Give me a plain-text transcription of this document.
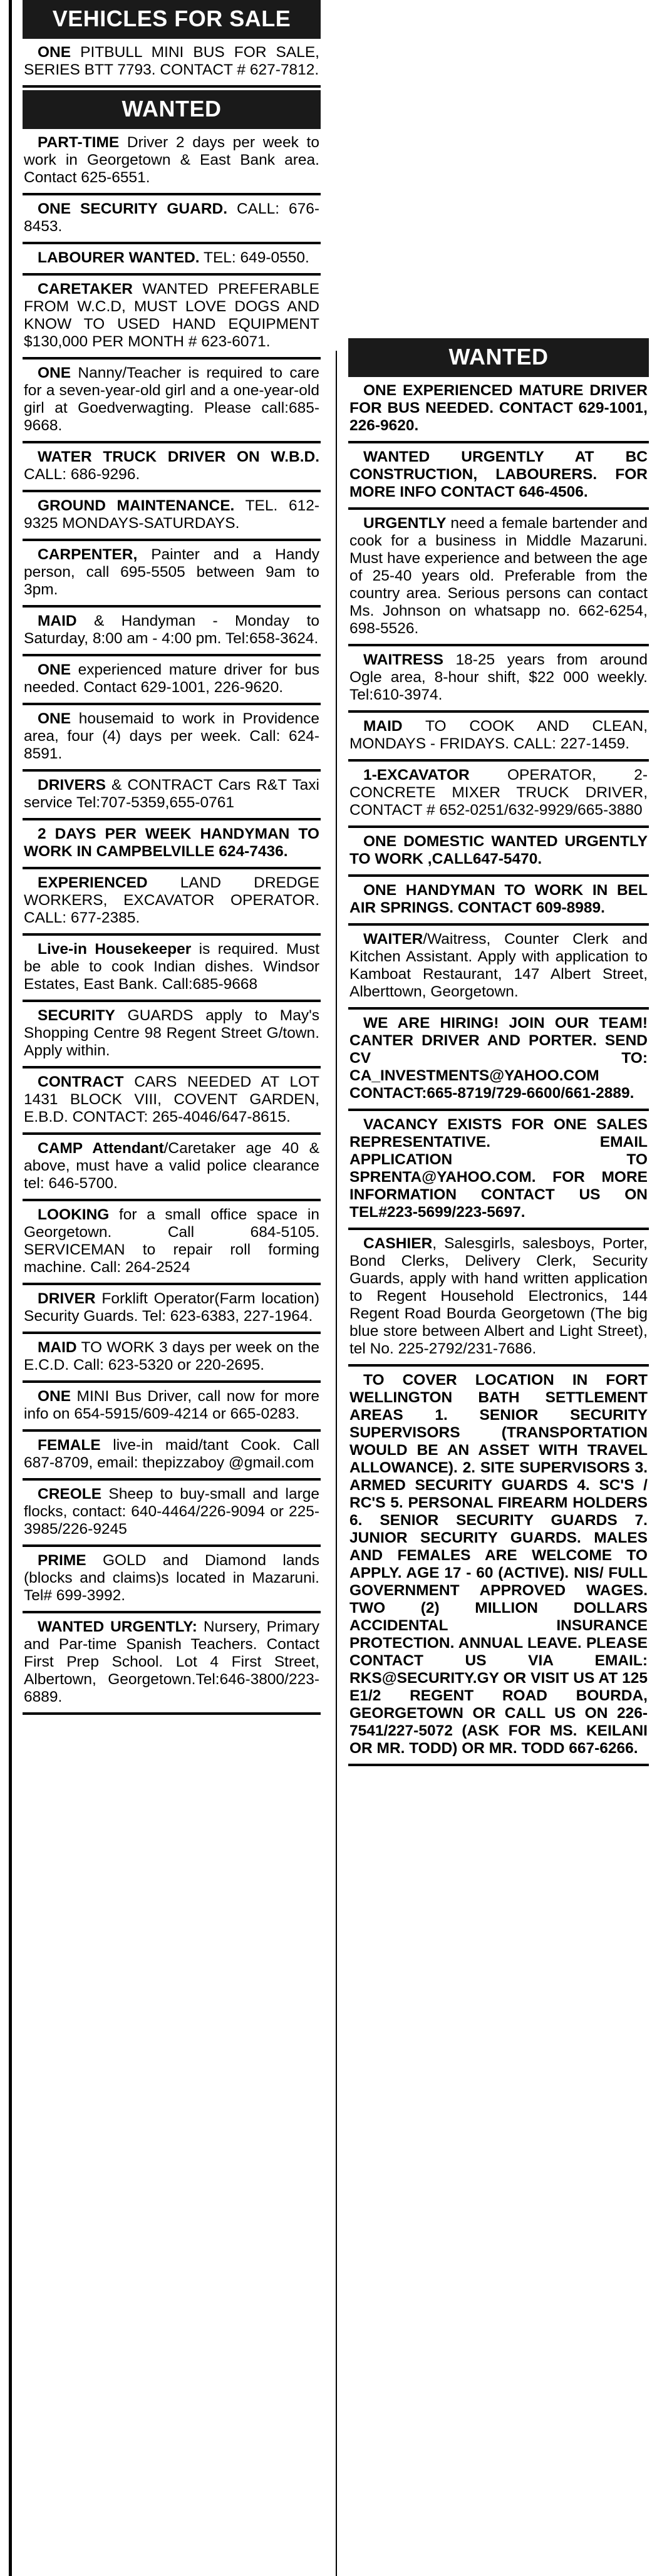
VEHICLES FOR SALE
ONE PITBULL MINI BUS FOR SALE, SERIES BTT 7793. CONTACT # 627-7812.
WANTED
PART-TIME Driver 2 days per week to work in Georgetown & East Bank area. Contact 625-6551.
ONE SECURITY GUARD. CALL: 676-8453.
LABOURER WANTED. TEL: 649-0550.
CARETAKER WANTED PREFERABLE FROM W.C.D, MUST LOVE DOGS AND KNOW TO USED HAND EQUIPMENT $130,000 PER MONTH # 623-6071.
ONE Nanny/Teacher is required to care for a seven-year-old girl and a one-year-old girl at Goedverwagting. Please call:685-9668.
WATER TRUCK DRIVER ON W.B.D. CALL: 686-9296.
GROUND MAINTENANCE. TEL. 612-9325 MONDAYS-SATURDAYS.
CARPENTER, Painter and a Handy person, call 695-5505 between 9am to 3pm.
MAID & Handyman - Monday to Saturday, 8:00 am - 4:00 pm. Tel:658-3624.
ONE experienced mature driver for bus needed. Contact 629-1001, 226-9620.
ONE housemaid to work in Providence area, four (4) days per week. Call: 624-8591.
DRIVERS & CONTRACT Cars R&T Taxi service Tel:707-5359,655-0761
2 DAYS PER WEEK HANDYMAN TO WORK IN CAMPBELVILLE 624-7436.
EXPERIENCED LAND DREDGE WORKERS, EXCAVATOR OPERATOR. CALL: 677-2385.
Live-in Housekeeper is required. Must be able to cook Indian dishes. Windsor Estates, East Bank. Call:685-9668
SECURITY GUARDS apply to May's Shopping Centre 98 Regent Street G/town. Apply within.
CONTRACT CARS NEEDED AT LOT 1431 BLOCK VIII, COVENT GARDEN, E.B.D. CONTACT: 265-4046/647-8615.
CAMP Attendant/Caretaker age 40 & above, must have a valid police clearance tel: 646-5700.
LOOKING for a small office space in Georgetown. Call 684-5105. SERVICEMAN to repair roll forming machine. Call: 264-2524
DRIVER Forklift Operator(Farm location) Security Guards. Tel: 623-6383, 227-1964.
MAID TO WORK 3 days per week on the E.C.D. Call: 623-5320 or 220-2695.
ONE MINI Bus Driver, call now for more info on 654-5915/609-4214 or 665-0283.
FEMALE live-in maid/tant Cook. Call 687-8709, email: thepizzaboy @gmail.com
CREOLE Sheep to buy-small and large flocks, contact: 640-4464/226-9094 or 225-3985/226-9245
PRIME GOLD and Diamond lands (blocks and claims)s located in Mazaruni. Tel# 699-3992.
WANTED URGENTLY: Nursery, Primary and Par-time Spanish Teachers. Contact First Prep School. Lot 4 First Street, Albertown, Georgetown.Tel:646-3800/223-6889.
WANTED
ONE EXPERIENCED MATURE DRIVER FOR BUS NEEDED. CONTACT 629-1001, 226-9620.
WANTED URGENTLY AT BC CONSTRUCTION, LABOURERS. FOR MORE INFO CONTACT 646-4506.
URGENTLY need a female bartender and cook for a business in Middle Mazaruni. Must have experience and between the age of 25-40 years old. Preferable from the country area. Serious persons can contact Ms. Johnson on whatsapp no. 662-6254, 698-5526.
WAITRESS 18-25 years from around Ogle area, 8-hour shift, $22 000 weekly. Tel:610-3974.
MAID TO COOK AND CLEAN, MONDAYS - FRIDAYS. CALL: 227-1459.
1-EXCAVATOR OPERATOR, 2- CONCRETE MIXER TRUCK DRIVER, CONTACT # 652-0251/632-9929/665-3880
ONE DOMESTIC WANTED URGENTLY TO WORK ,CALL647-5470.
ONE HANDYMAN TO WORK IN BEL AIR SPRINGS. CONTACT 609-8989.
WAITER/Waitress, Counter Clerk and Kitchen Assistant. Apply with application to Kamboat Restaurant, 147 Albert Street, Alberttown, Georgetown.
WE ARE HIRING! JOIN OUR TEAM! CANTER DRIVER AND PORTER. SEND CV TO: CA_INVESTMENTS@YAHOO.COM CONTACT:665-8719/729-6600/661-2889.
VACANCY EXISTS FOR ONE SALES REPRESENTATIVE. EMAIL APPLICATION TO SPRENTA@YAHOO.COM. FOR MORE INFORMATION CONTACT US ON TEL#223-5699/223-5697.
CASHIER, Salesgirls, salesboys, Porter, Bond Clerks, Delivery Clerk, Security Guards, apply with hand written application to Regent Household Electronics, 144 Regent Road Bourda Georgetown (The big blue store between Albert and Light Street), tel No. 225-2792/231-7686.
TO COVER LOCATION IN FORT WELLINGTON BATH SETTLEMENT AREAS 1. SENIOR SECURITY SUPERVISORS (TRANSPORTATION WOULD BE AN ASSET WITH TRAVEL ALLOWANCE). 2. SITE SUPERVISORS 3. ARMED SECURITY GUARDS 4. SC'S / RC'S 5. PERSONAL FIREARM HOLDERS 6. SENIOR SECURITY GUARDS 7. JUNIOR SECURITY GUARDS. MALES AND FEMALES ARE WELCOME TO APPLY. AGE 17 - 60 (ACTIVE). NIS/ FULL GOVERNMENT APPROVED WAGES. TWO (2) MILLION DOLLARS ACCIDENTAL INSURANCE PROTECTION. ANNUAL LEAVE. PLEASE CONTACT US VIA EMAIL: RKS@SECURITY.GY OR VISIT US AT 125 E1/2 REGENT ROAD BOURDA, GEORGETOWN OR CALL US ON 226-7541/227-5072 (ASK FOR MS. KEILANI OR MR. TODD) OR MR. TODD 667-6266.
